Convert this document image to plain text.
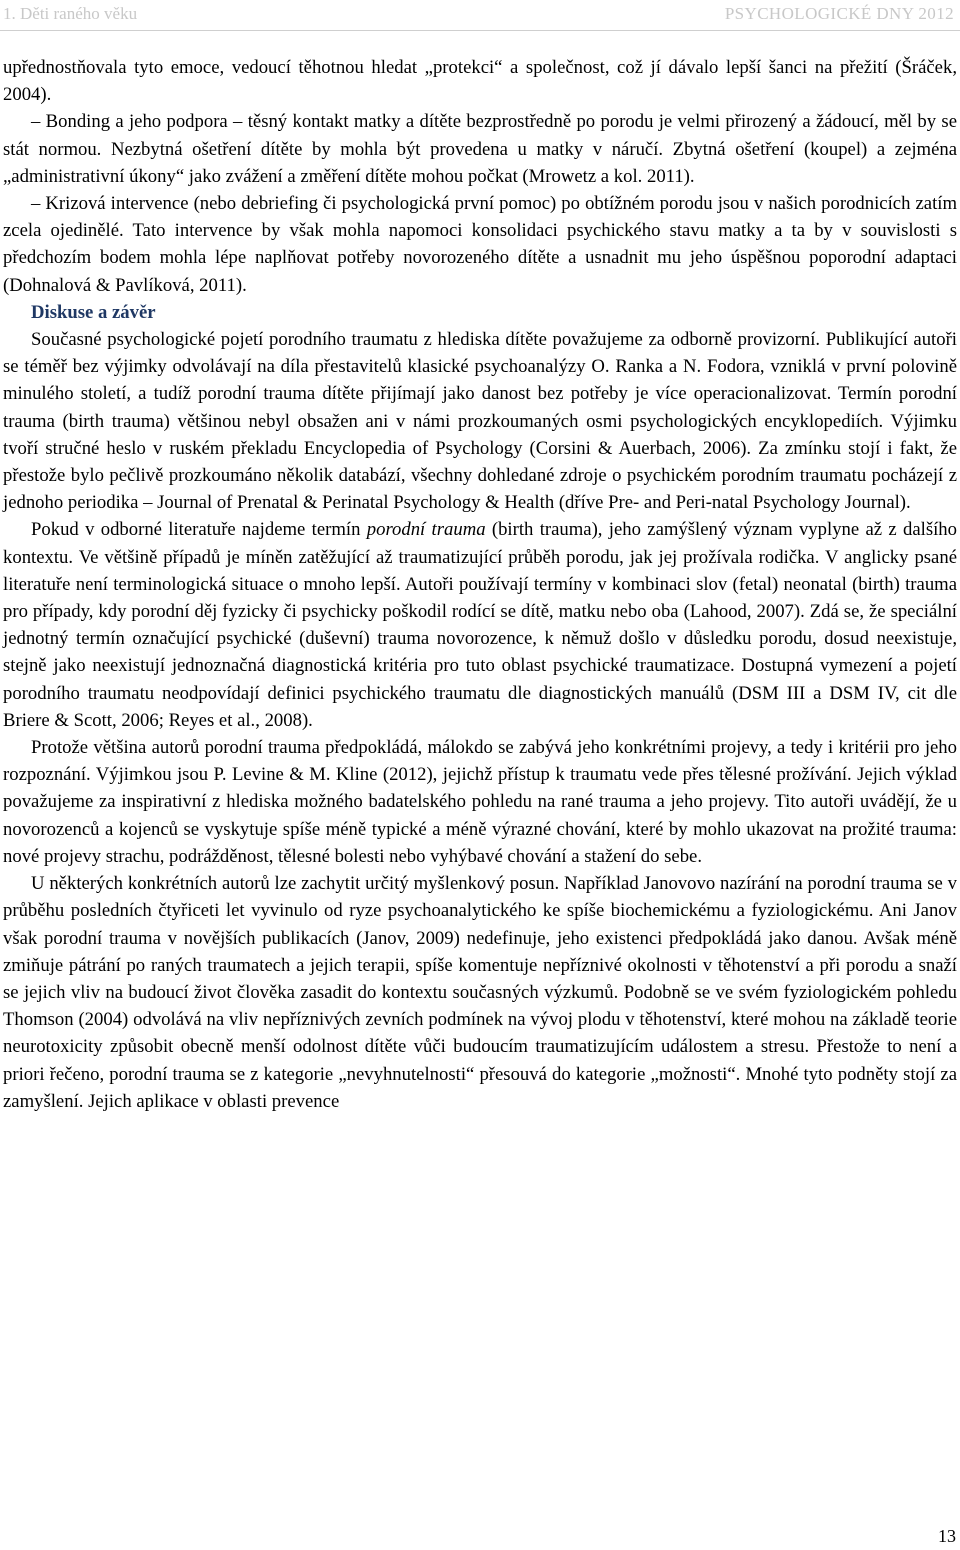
1. Děti raného věku	PSYCHOLOGICKÉ DNY 2012

upřednostňovala tyto emoce, vedoucí těhotnou hledat „protekci“ a společnost, což jí dávalo lepší šanci na přežití (Šráček, 2004).

– Bonding a jeho podpora – těsný kontakt matky a dítěte bezprostředně po porodu je velmi přirozený a žádoucí, měl by se stát normou. Nezbytná ošetření dítěte by mohla být provedena u matky v náručí. Zbytná ošetření (koupel) a zejména „administrativní úkony“ jako zvážení a změření dítěte mohou počkat (Mrowetz a kol. 2011).

– Krizová intervence (nebo debriefing či psychologická první pomoc) po obtížném porodu jsou v našich porodnicích zatím zcela ojedinělé. Tato intervence by však mohla napomoci konsolidaci psychického stavu matky a ta by v souvislosti s předchozím bodem mohla lépe naplňovat potřeby novorozeného dítěte a usnadnit mu jeho úspěšnou poporodní adaptaci (Dohnalová & Pavlíková, 2011).

Diskuse a závěr

Současné psychologické pojetí porodního traumatu z hlediska dítěte považujeme za odborně provizorní. Publikující autoři se téměř bez výjimky odvolávají na díla přestavitelů klasické psychoanalýzy O. Ranka a N. Fodora, vzniklá v první polovině minulého století, a tudíž porodní trauma dítěte přijímají jako danost bez potřeby je více operacionalizovat. Termín porodní trauma (birth trauma) většinou nebyl obsažen ani v námi prozkoumaných osmi psychologických encyklopediích. Výjimku tvoří stručné heslo v ruském překladu Encyclopedia of Psychology (Corsini & Auerbach, 2006). Za zmínku stojí i fakt, že přestože bylo pečlivě prozkoumáno několik databází, všechny dohledané zdroje o psychickém porodním traumatu pocházejí z jednoho periodika – Journal of Prenatal & Perinatal Psychology & Health (dříve Pre- and Peri-natal Psychology Journal).

Pokud v odborné literatuře najdeme termín porodní trauma (birth trauma), jeho zamýšlený význam vyplyne až z dalšího kontextu. Ve většině případů je míněn zatěžující až traumatizující průběh porodu, jak jej prožívala rodička. V anglicky psané literatuře není terminologická situace o mnoho lepší. Autoři používají termíny v kombinaci slov (fetal) neonatal (birth) trauma pro případy, kdy porodní děj fyzicky či psychicky poškodil rodící se dítě, matku nebo oba (Lahood, 2007). Zdá se, že speciální jednotný termín označující psychické (duševní) trauma novorozence, k němuž došlo v důsledku porodu, dosud neexistuje, stejně jako neexistují jednoznačná diagnostická kritéria pro tuto oblast psychické traumatizace. Dostupná vymezení a pojetí porodního traumatu neodpovídají definici psychického traumatu dle diagnostických manuálů (DSM III a DSM IV, cit dle Briere & Scott, 2006; Reyes et al., 2008).

Protože většina autorů porodní trauma předpokládá, málokdo se zabývá jeho konkrétními projevy, a tedy i kritérii pro jeho rozpoznání. Výjimkou jsou P. Levine & M. Kline (2012), jejichž přístup k traumatu vede přes tělesné prožívání. Jejich výklad považujeme za inspirativní z hlediska možného badatelského pohledu na rané trauma a jeho projevy. Tito autoři uvádějí, že u novorozenců a kojenců se vyskytuje spíše méně typické a méně výrazné chování, které by mohlo ukazovat na prožité trauma: nové projevy strachu, podrážděnost, tělesné bolesti nebo vyhýbavé chování a stažení do sebe.

U některých konkrétních autorů lze zachytit určitý myšlenkový posun. Například Janovovo nazírání na porodní trauma se v průběhu posledních čtyřiceti let vyvinulo od ryze psychoanalytického ke spíše biochemickému a fyziologickému. Ani Janov však porodní trauma v novějších publikacích (Janov, 2009) nedefinuje, jeho existenci předpokládá jako danou. Avšak méně zmiňuje pátrání po raných traumatech a jejich terapii, spíše komentuje nepříznivé okolnosti v těhotenství a při porodu a snaží se jejich vliv na budoucí život člověka zasadit do kontextu současných výzkumů. Podobně se ve svém fyziologickém pohledu Thomson (2004) odvolává na vliv nepříznivých zevních podmínek na vývoj plodu v těhotenství, které mohou na základě teorie neurotoxicity způsobit obecně menší odolnost dítěte vůči budoucím traumatizujícím událostem a stresu. Přestože to není a priori řečeno, porodní trauma se z kategorie „nevyhnutelnosti“ přesouvá do kategorie „možnosti“. Mnohé tyto podněty stojí za zamyšlení. Jejich aplikace v oblasti prevence

13
